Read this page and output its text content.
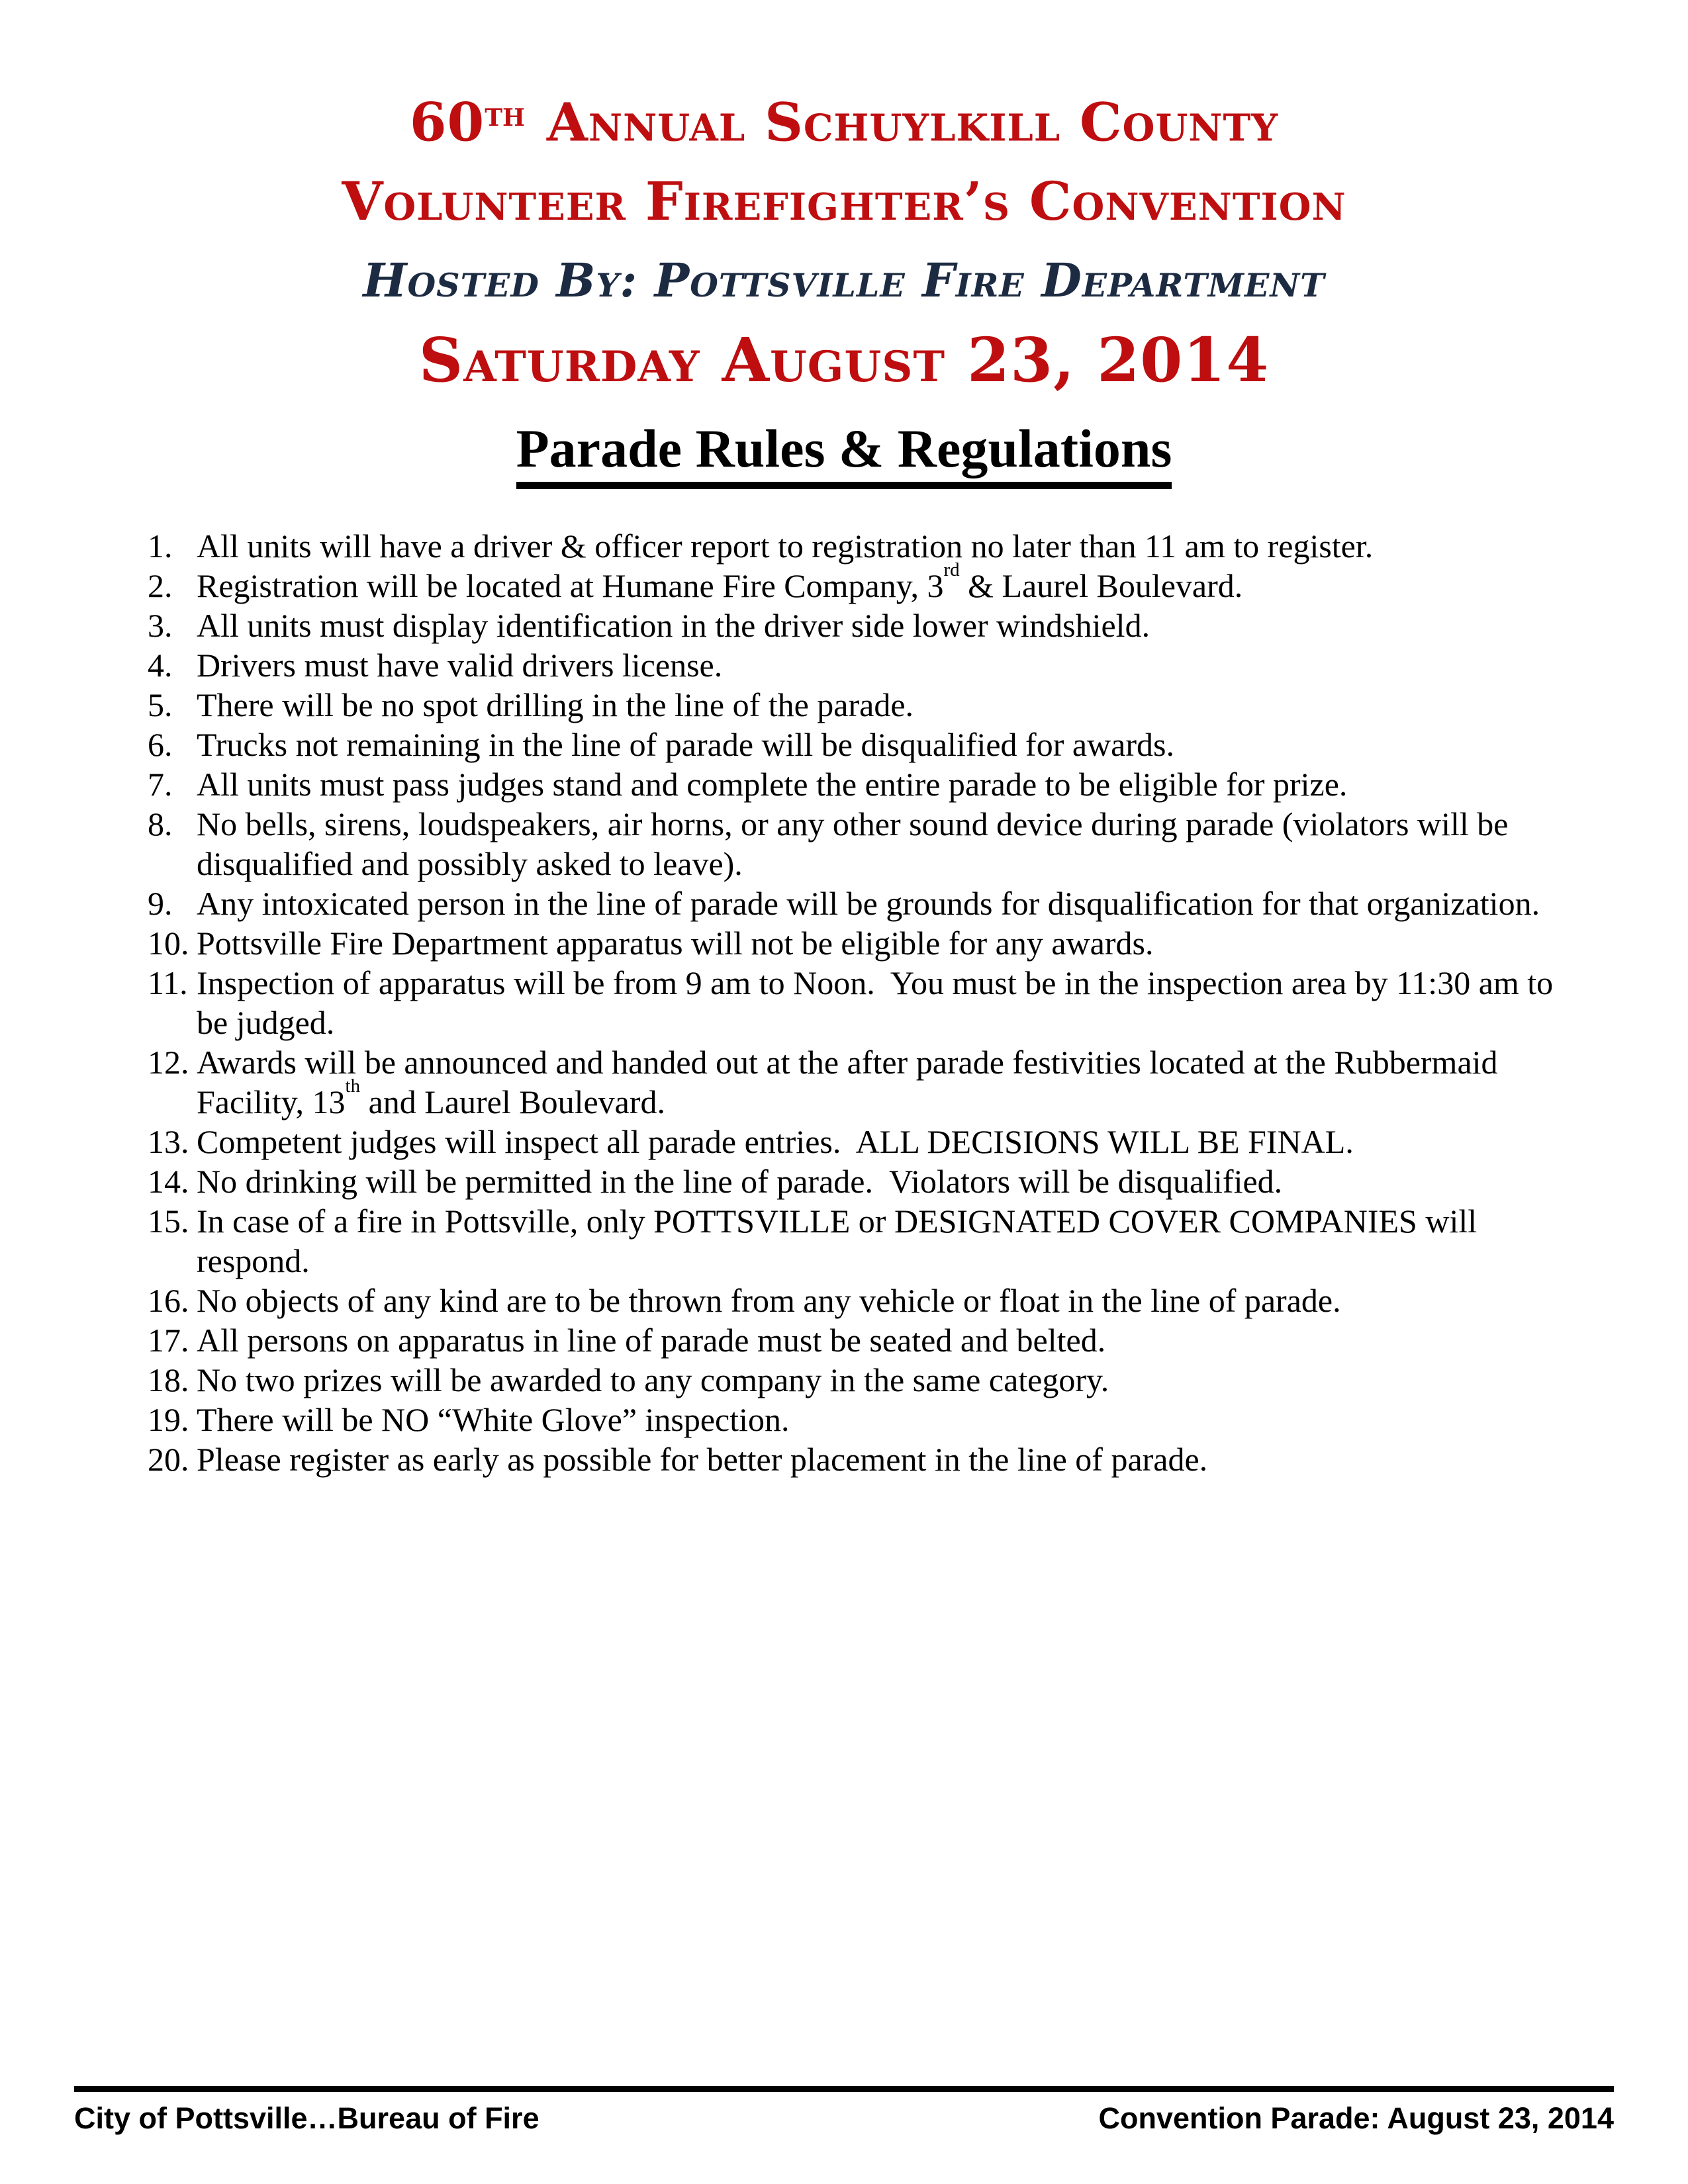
60TH Annual Schuylkill County
Volunteer Firefighter’s Convention
Hosted By: Pottsville Fire Department
Saturday August 23, 2014
Parade Rules & Regulations
1. All units will have a driver & officer report to registration no later than 11 am to register.
2. Registration will be located at Humane Fire Company, 3rd & Laurel Boulevard.
3. All units must display identification in the driver side lower windshield.
4. Drivers must have valid drivers license.
5. There will be no spot drilling in the line of the parade.
6. Trucks not remaining in the line of parade will be disqualified for awards.
7. All units must pass judges stand and complete the entire parade to be eligible for prize.
8. No bells, sirens, loudspeakers, air horns, or any other sound device during parade (violators will be disqualified and possibly asked to leave).
9. Any intoxicated person in the line of parade will be grounds for disqualification for that organization.
10. Pottsville Fire Department apparatus will not be eligible for any awards.
11. Inspection of apparatus will be from 9 am to Noon.  You must be in the inspection area by 11:30 am to be judged.
12. Awards will be announced and handed out at the after parade festivities located at the Rubbermaid Facility, 13th and Laurel Boulevard.
13. Competent judges will inspect all parade entries.  ALL DECISIONS WILL BE FINAL.
14. No drinking will be permitted in the line of parade.  Violators will be disqualified.
15. In case of a fire in Pottsville, only POTTSVILLE or DESIGNATED COVER COMPANIES will respond.
16. No objects of any kind are to be thrown from any vehicle or float in the line of parade.
17. All persons on apparatus in line of parade must be seated and belted.
18. No two prizes will be awarded to any company in the same category.
19. There will be NO “White Glove” inspection.
20. Please register as early as possible for better placement in the line of parade.
City of Pottsville…Bureau of Fire	Convention Parade: August 23, 2014
